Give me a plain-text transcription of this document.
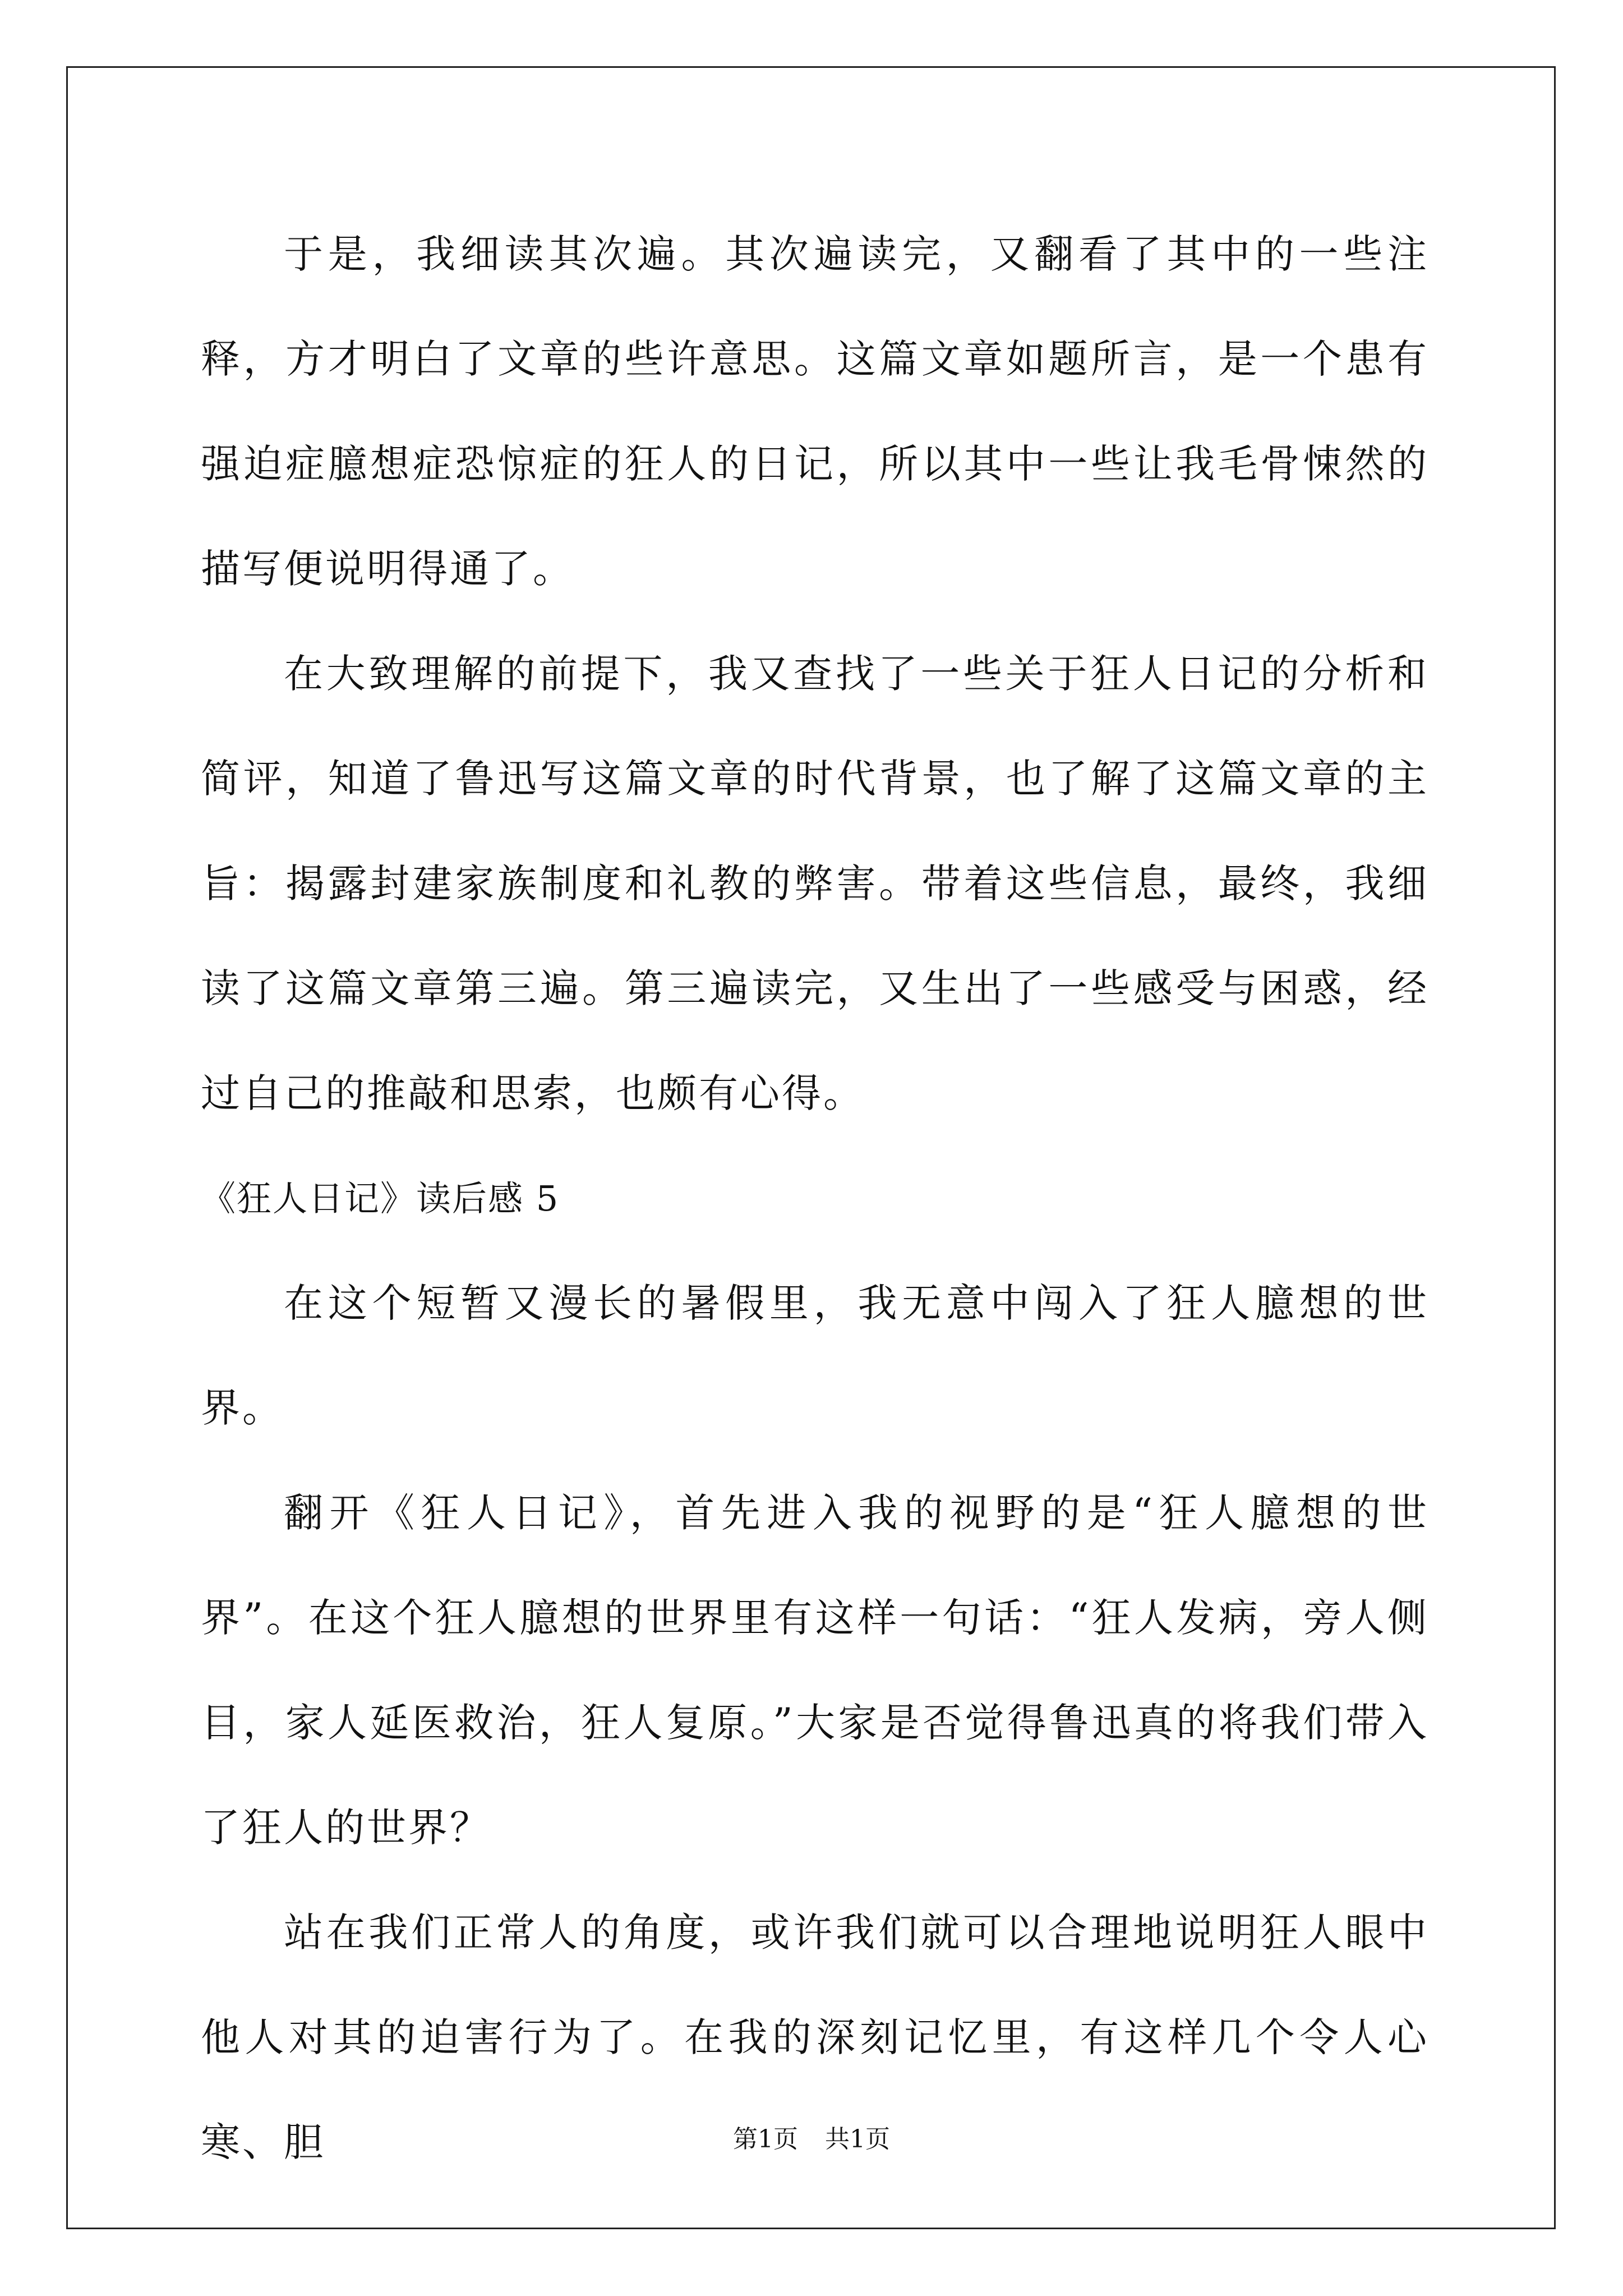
于是，我细读其次遍。其次遍读完，又翻看了其中的一些注释，方才明白了文章的些许意思。这篇文章如题所言，是一个患有强迫症臆想症恐惊症的狂人的日记，所以其中一些让我毛骨悚然的描写便说明得通了。

在大致理解的前提下，我又查找了一些关于狂人日记的分析和简评，知道了鲁迅写这篇文章的时代背景，也了解了这篇文章的主旨：揭露封建家族制度和礼教的弊害。带着这些信息，最终，我细读了这篇文章第三遍。第三遍读完，又生出了一些感受与困惑，经过自己的推敲和思索，也颇有心得。

《狂人日记》读后感 5

在这个短暂又漫长的暑假里，我无意中闯入了狂人臆想的世界。

翻开《狂人日记》，首先进入我的视野的是“狂人臆想的世界”。在这个狂人臆想的世界里有这样一句话：“狂人发病，旁人侧目，家人延医救治，狂人复原。”大家是否觉得鲁迅真的将我们带入了狂人的世界？

站在我们正常人的角度，或许我们就可以合理地说明狂人眼中他人对其的迫害行为了。在我的深刻记忆里，有这样几个令人心寒、胆	第1页 共1页
